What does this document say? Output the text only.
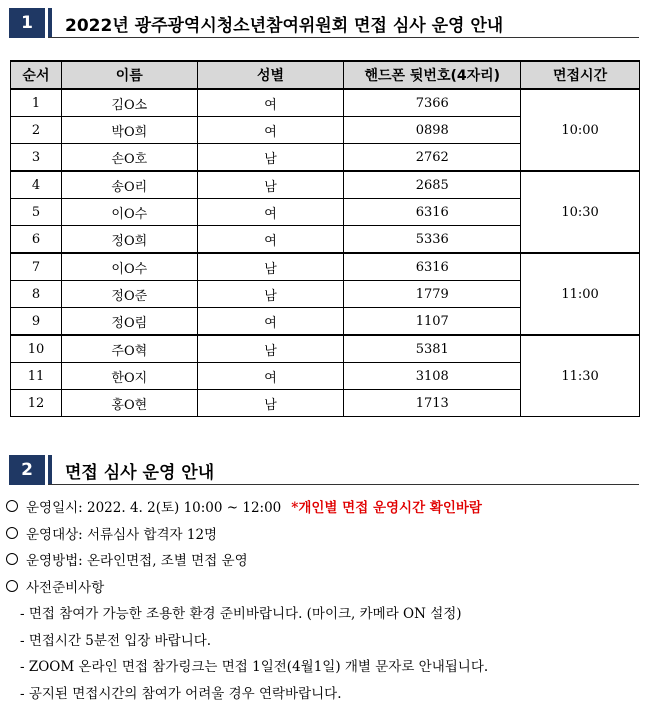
1	2022년 광주광역시청소년참여위원회 면접 심사 운영 안내
순서	이름	성별	핸드폰 뒷번호(4자리)	면접시간
1	김O소	여	7366	10:00
2	박O희	여	0898	
3	손O호	남	2762	
4	송O리	남	2685	10:30
5	이O수	여	6316	
6	정O희	여	5336	
7	이O수	남	6316	11:00
8	정O준	남	1779	
9	정O림	여	1107	
10	주O혁	남	5381	11:30
11	한O지	여	3108	
12	홍O현	남	1713	
2	면접 심사 운영 안내
운영일시: 2022. 4. 2(토) 10:00 ~ 12:00 *개인별 면접 운영시간 확인바람
운영대상: 서류심사 합격자 12명
운영방법: 온라인면접, 조별 면접 운영
사전준비사항
- 면접 참여가 가능한 조용한 환경 준비바랍니다. (마이크, 카메라 ON 설정)
- 면접시간 5분전 입장 바랍니다.
- ZOOM 온라인 면접 참가링크는 면접 1일전(4월1일) 개별 문자로 안내됩니다.
- 공지된 면접시간의 참여가 어려울 경우 연락바랍니다.
